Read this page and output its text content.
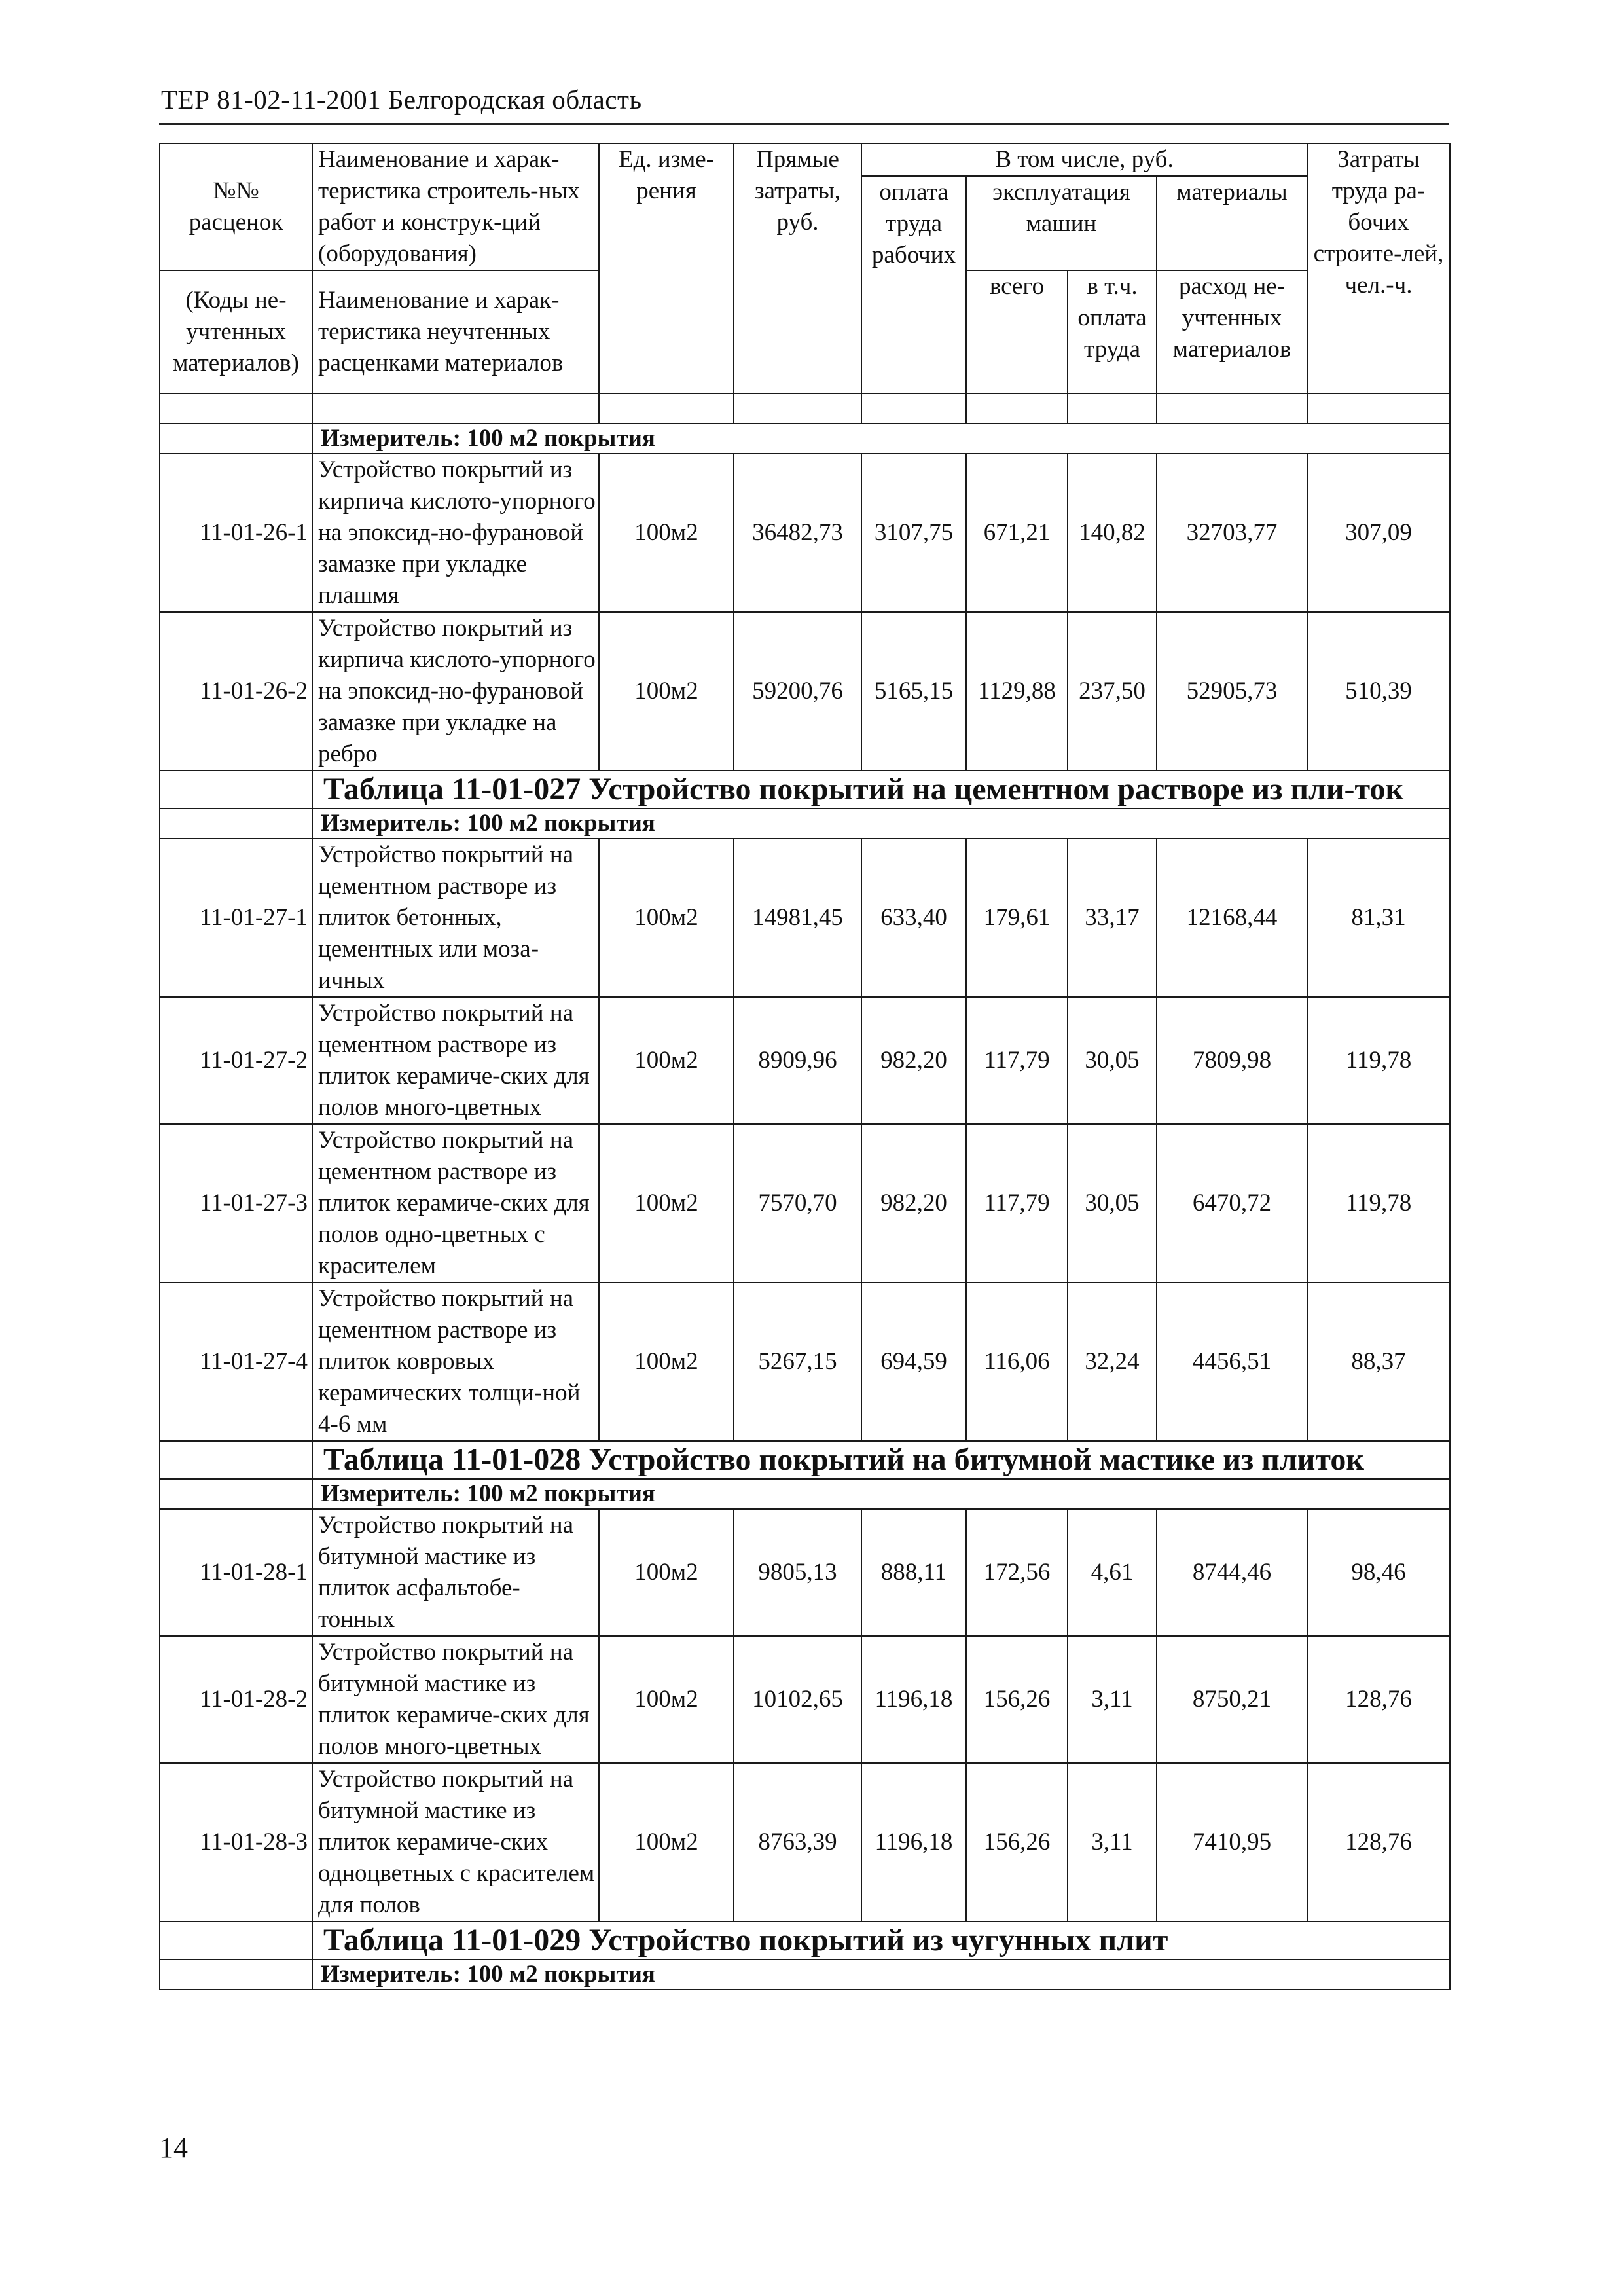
ТЕР 81-02-11-2001 Белгородская область
№№ расценок	Наименование и харак-теристика строитель-ных работ и конструк-ций (оборудования)	Ед. изме-рения	Прямые затраты, руб.	В том числе, руб.				Затраты труда ра-бочих строите-лей, чел.-ч.
				оплата труда рабочих	эксплуатация машин		материалы	
(Коды не-учтенных материалов)	Наименование и харак-теристика неучтенных расценками материалов				всего	в т.ч. оплата труда	расход не-учтенных материалов	

	Измеритель: 100 м2 покрытия							
11-01-26-1	Устройство покрытий из кирпича кислото-упорного на эпоксид-но-фурановой замазке при укладке плашмя	100м2	36482,73	3107,75	671,21	140,82	32703,77	307,09
11-01-26-2	Устройство покрытий из кирпича кислото-упорного на эпоксид-но-фурановой замазке при укладке на ребро	100м2	59200,76	5165,15	1129,88	237,50	52905,73	510,39
	Таблица 11-01-027 Устройство покрытий на цементном растворе из пли-ток							
	Измеритель: 100 м2 покрытия							
11-01-27-1	Устройство покрытий на цементном растворе из плиток бетонных, цементных или моза-ичных	100м2	14981,45	633,40	179,61	33,17	12168,44	81,31
11-01-27-2	Устройство покрытий на цементном растворе из плиток керамиче-ских для полов много-цветных	100м2	8909,96	982,20	117,79	30,05	7809,98	119,78
11-01-27-3	Устройство покрытий на цементном растворе из плиток керамиче-ских для полов одно-цветных с красителем	100м2	7570,70	982,20	117,79	30,05	6470,72	119,78
11-01-27-4	Устройство покрытий на цементном растворе из плиток ковровых керамических толщи-ной 4-6 мм	100м2	5267,15	694,59	116,06	32,24	4456,51	88,37
	Таблица 11-01-028 Устройство покрытий на битумной мастике из плиток							
	Измеритель: 100 м2 покрытия							
11-01-28-1	Устройство покрытий на битумной мастике из плиток асфальтобе-тонных	100м2	9805,13	888,11	172,56	4,61	8744,46	98,46
11-01-28-2	Устройство покрытий на битумной мастике из плиток керамиче-ских для полов много-цветных	100м2	10102,65	1196,18	156,26	3,11	8750,21	128,76
11-01-28-3	Устройство покрытий на битумной мастике из плиток керамиче-ских одноцветных с красителем для полов	100м2	8763,39	1196,18	156,26	3,11	7410,95	128,76
	Таблица 11-01-029 Устройство покрытий из чугунных плит							
	Измеритель: 100 м2 покрытия							
14
